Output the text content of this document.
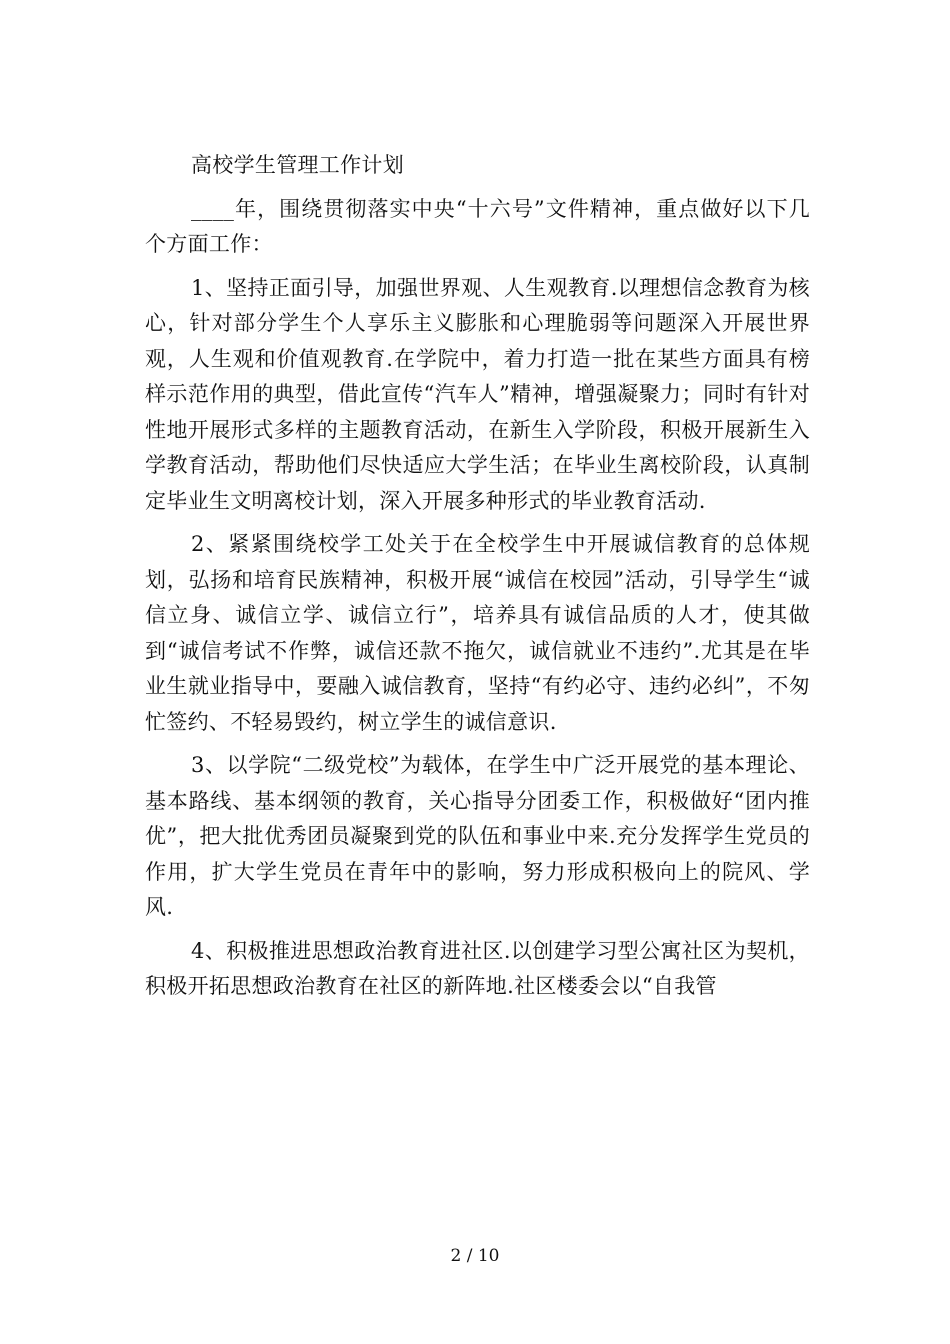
高校学生管理工作计划

____年，围绕贯彻落实中央“十六号”文件精神，重点做好以下几个方面工作：

1、坚持正面引导，加强世界观、人生观教育.以理想信念教育为核心，针对部分学生个人享乐主义膨胀和心理脆弱等问题深入开展世界观，人生观和价值观教育.在学院中，着力打造一批在某些方面具有榜样示范作用的典型，借此宣传“汽车人”精神，增强凝聚力；同时有针对性地开展形式多样的主题教育活动，在新生入学阶段，积极开展新生入学教育活动，帮助他们尽快适应大学生活；在毕业生离校阶段，认真制定毕业生文明离校计划，深入开展多种形式的毕业教育活动.

2、紧紧围绕校学工处关于在全校学生中开展诚信教育的总体规划，弘扬和培育民族精神，积极开展“诚信在校园”活动，引导学生“诚信立身、诚信立学、诚信立行”，培养具有诚信品质的人才，使其做到“诚信考试不作弊，诚信还款不拖欠，诚信就业不违约”.尤其是在毕业生就业指导中，要融入诚信教育，坚持“有约必守、违约必纠”，不匆忙签约、不轻易毁约，树立学生的诚信意识.

3、以学院“二级党校”为载体，在学生中广泛开展党的基本理论、基本路线、基本纲领的教育，关心指导分团委工作，积极做好“团内推优”，把大批优秀团员凝聚到党的队伍和事业中来.充分发挥学生党员的作用，扩大学生党员在青年中的影响，努力形成积极向上的院风、学风.

4、积极推进思想政治教育进社区.以创建学习型公寓社区为契机，积极开拓思想政治教育在社区的新阵地.社区楼委会以“自我管

2 / 10
